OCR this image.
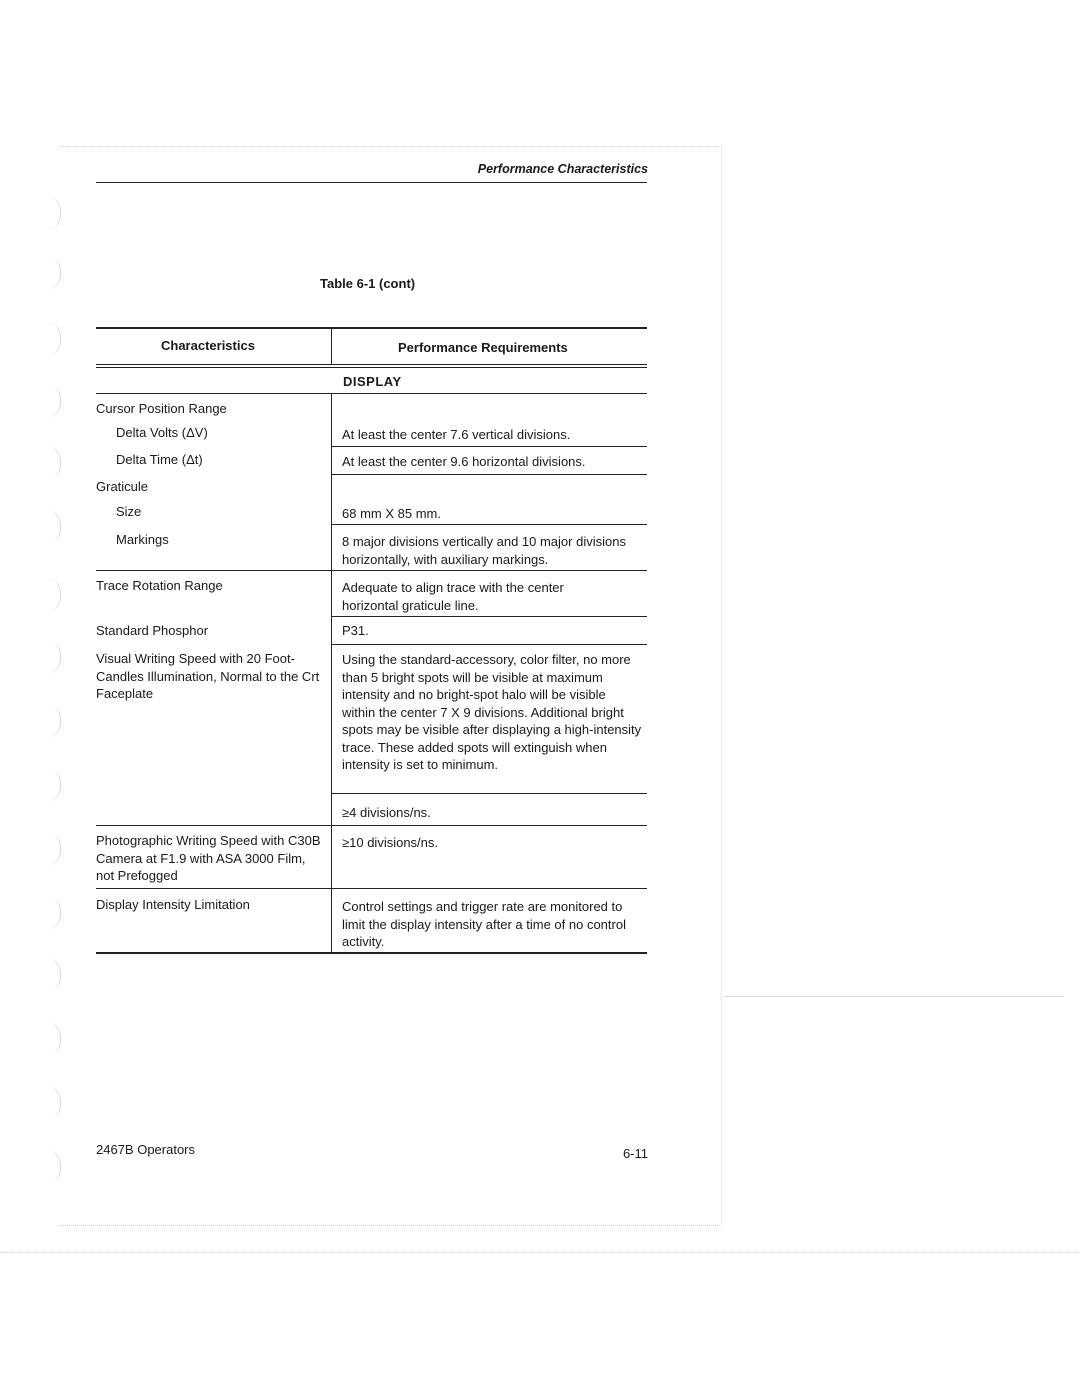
Performance Characteristics
Table 6-1 (cont)
Characteristics	Performance Requirements
DISPLAY
Cursor Position Range
Delta Volts (ΔV)
Delta Time (Δt)
Graticule
Size
Markings
Trace Rotation Range
Standard Phosphor
Visual Writing Speed with 20 Foot-Candles Illumination, Normal to the Crt Faceplate
Photographic Writing Speed with C30B Camera at F1.9 with ASA 3000 Film, not Prefogged
Display Intensity Limitation
At least the center 7.6 vertical divisions.
At least the center 9.6 horizontal divisions.
68 mm X 85 mm.
8 major divisions vertically and 10 major divisions horizontally, with auxiliary markings.
Adequate to align trace with the center horizontal graticule line.
P31.
Using the standard-accessory, color filter, no more than 5 bright spots will be visible at maximum intensity and no bright-spot halo will be visible within the center 7 X 9 divisions. Additional bright spots may be visible after displaying a high-intensity trace. These added spots will extinguish when intensity is set to minimum.
≥4 divisions/ns.
≥10 divisions/ns.
Control settings and trigger rate are monitored to limit the display intensity after a time of no control activity.
2467B Operators	6-11
